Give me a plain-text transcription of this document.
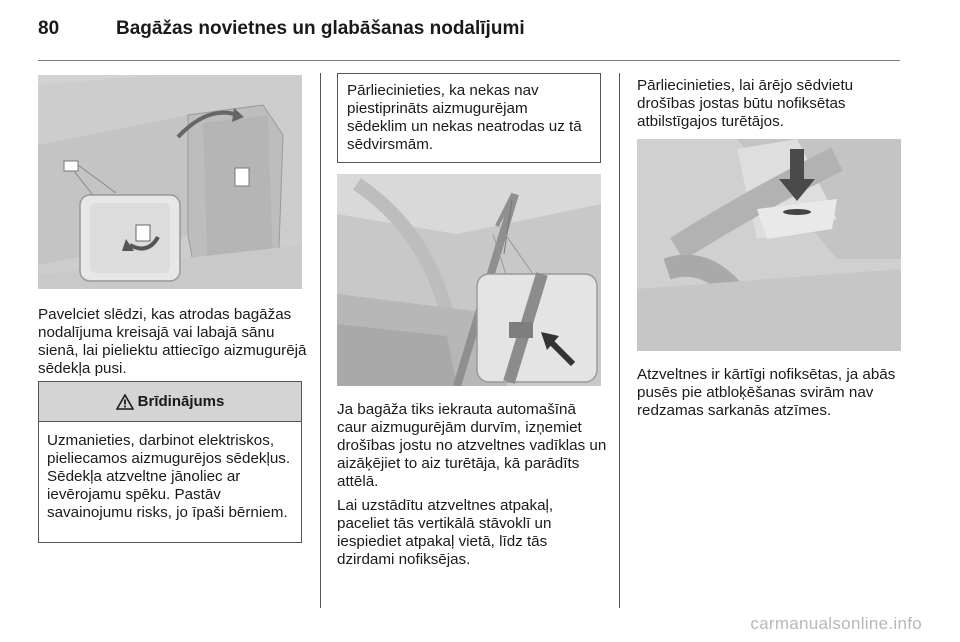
80	Bagāžas novietnes un glabāšanas nodalījumi
Pavelciet slēdzi, kas atrodas bagāžas nodalījuma kreisajā vai labajā sānu sienā, lai pieliektu attiecīgo aizmugurējā sēdekļa pusi.
Brīdinājums
Uzmanieties, darbinot elektriskos, pieliecamos aizmugurējos sēdekļus. Sēdekļa atzveltne jānoliec ar ievērojamu spēku. Pastāv savainojumu risks, jo īpaši bērniem.
Pārliecinieties, ka nekas nav piestiprināts aizmugurējam sēdeklim un nekas neatrodas uz tā sēdvirsmām.
Ja bagāža tiks iekrauta automašīnā caur aizmugurējām durvīm, izņemiet drošības jostu no atzveltnes vadīklas un aizāķējiet to aiz turētāja, kā parādīts attēlā.
Lai uzstādītu atzveltnes atpakaļ, paceliet tās vertikālā stāvoklī un iespiediet atpakaļ vietā, līdz tās dzirdami nofiksējas.
Pārliecinieties, lai ārējo sēdvietu drošības jostas būtu nofiksētas atbilstīgajos turētājos.
Atzveltnes ir kārtīgi nofiksētas, ja abās pusēs pie atbloķēšanas svirām nav redzamas sarkanās atzīmes.
carmanualsonline.info
